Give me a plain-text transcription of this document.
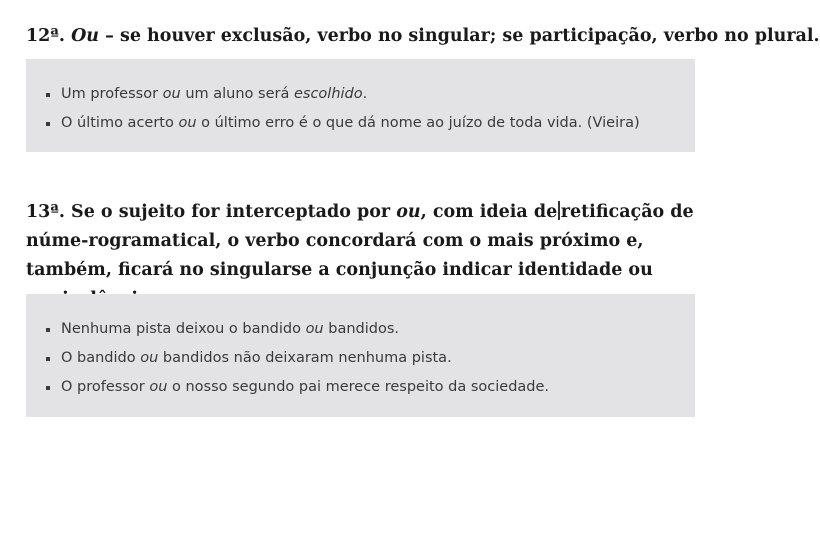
12ª. Ou – se houver exclusão, verbo no singular; se participação, verbo no plural.
Um professor ou um aluno será escolhido.
O último acerto ou o último erro é o que dá nome ao juízo de toda vida. (Vieira)
13ª. Se o sujeito for interceptado por ou, com ideia de retificação de núme-rogramatical, o verbo concordará com o mais próximo e, também, ficará no singularse a conjunção indicar identidade ou
Nenhuma pista deixou o bandido ou bandidos.
O bandido ou bandidos não deixaram nenhuma pista.
O professor ou o nosso segundo pai merece respeito da sociedade.
